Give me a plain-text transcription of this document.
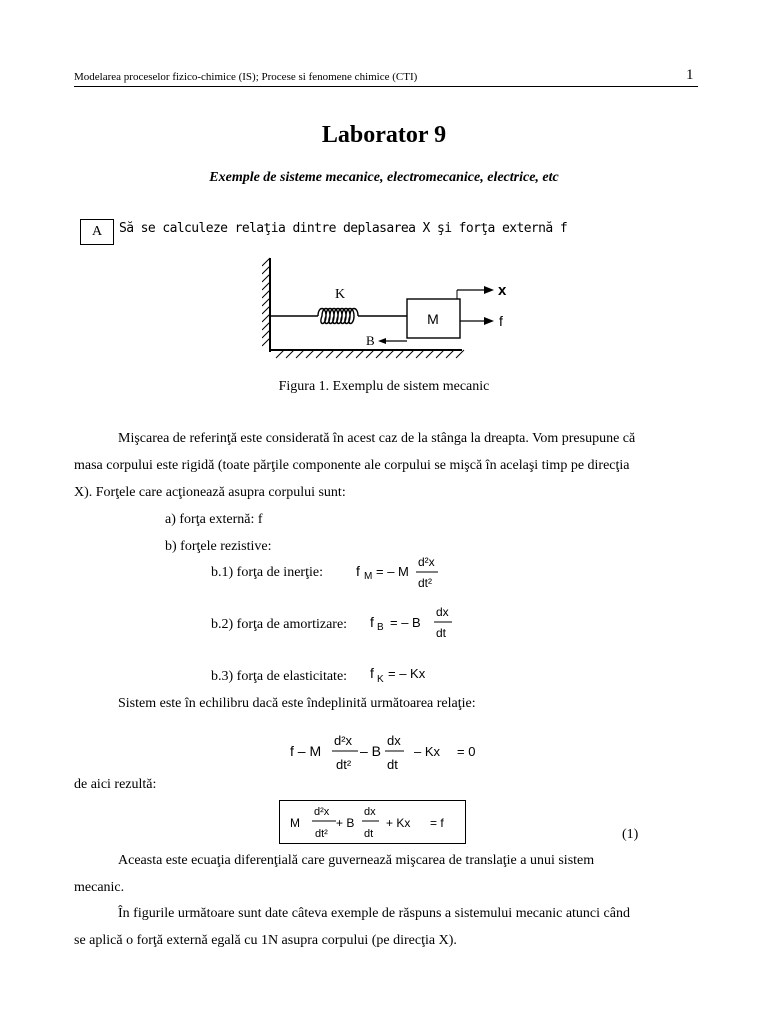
Modelarea proceselor fizico-chimice (IS); Procese si fenomene chimice (CTI)	1
Laborator 9
Exemple de sisteme mecanice, electromecanice, electrice, etc
A	Să se calculeze relaţia dintre deplasarea X şi forţa externă f
K
M
B
x
f
Figura 1. Exemplu de sistem mecanic
Mişcarea de referinţă este considerată în acest caz de la stânga la dreapta. Vom presupune că
masa corpului este rigidă (toate părţile componente ale corpului se mişcă în acelaşi timp pe direcţia
X). Forţele care acţionează asupra corpului sunt:
a) forţa externă: f
b) forţele rezistive:
b.1) forţa de inerţie: f M = – M
d²x
dt²
b.2) forţa de amortizare: f B = – B
dx
dt
b.3) forţa de elasticitate: f K = – Kx
Sistem este în echilibru dacă este îndeplinită următoarea relaţie:
f – M
d²x
dt²
– B
dx
dt
– Kx = 0
de aici rezultă:
M
d²x
dt²
+ B
dx
dt
+ Kx = f
(1)
Aceasta este ecuaţia diferenţială care guvernează mişcarea de translaţie a unui sistem
mecanic.
În figurile următoare sunt date câteva exemple de răspuns a sistemului mecanic atunci când
se aplică o forţă externă egală cu 1N asupra corpului (pe direcţia X).
